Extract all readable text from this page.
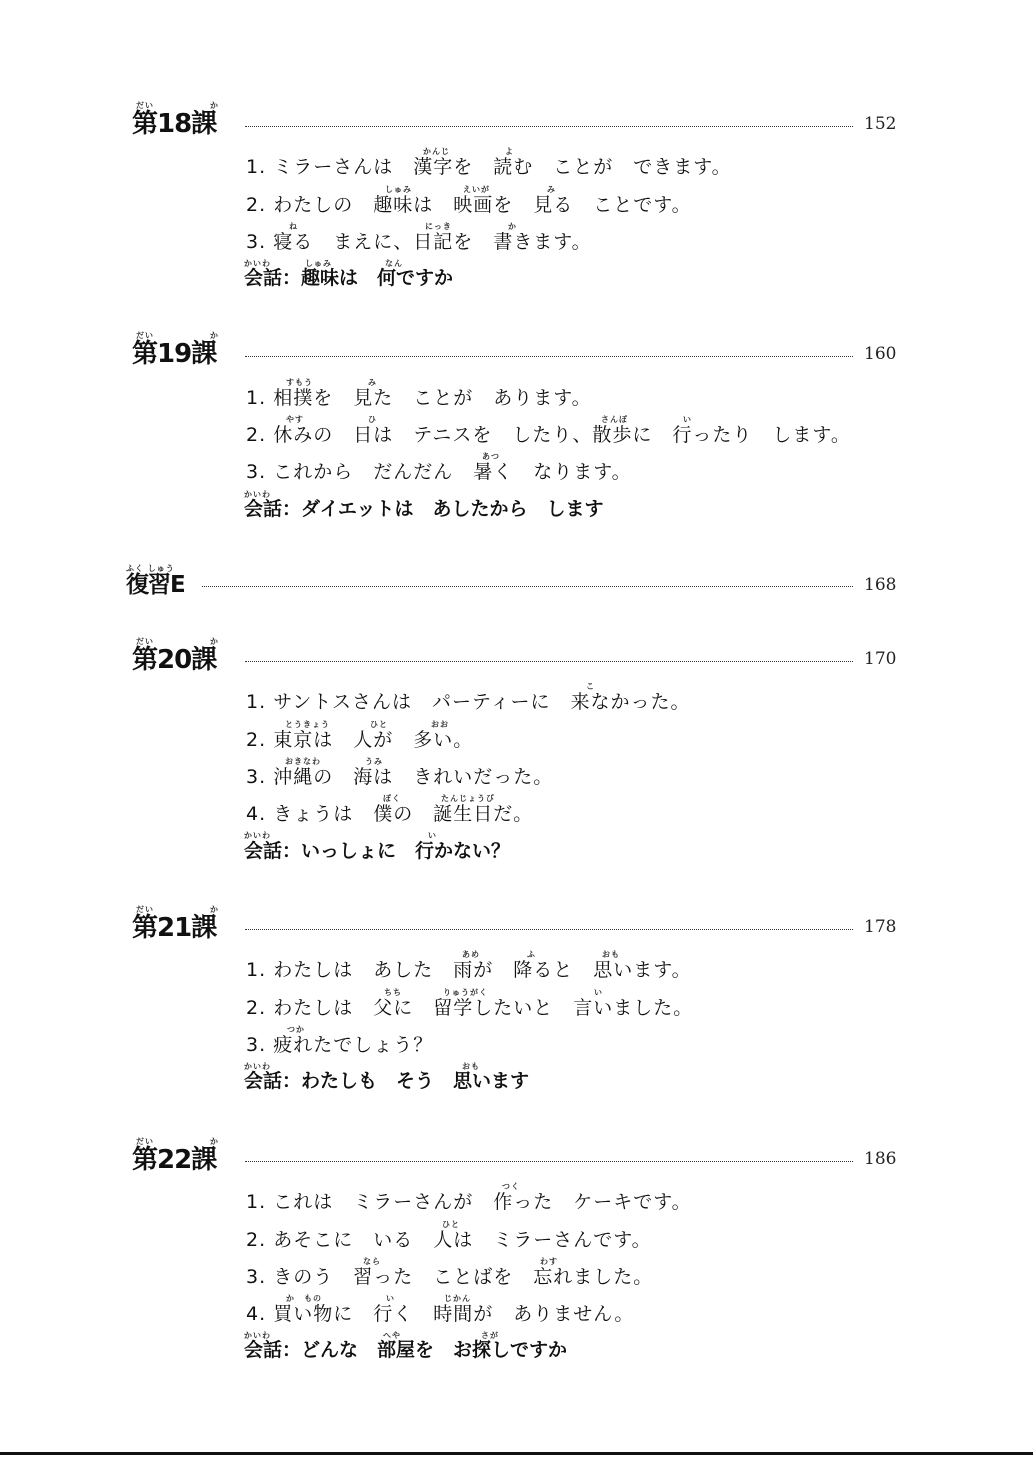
だい	か
第 18 課	152
かんじ	よ
1. ミラーさんは　漢字を　読む　ことが　できます。
しゅみ	えいが	み
2. わたしの　趣味は　映画を　見る　ことです。
ね	にっき	か
3. 寝る　まえに、日記を　書きます。
かいわ	しゅみ	なん
会話：趣味は　何ですか
だい	か
第 19 課	160
すもう	み
1. 相撲を　見た　ことが　あります。
やす	ひ	さんぽ	い
2. 休みの　日は　テニスを　したり、散歩に　行ったり　します。
あつ
3. これから　だんだん　暑く　なります。
かいわ
会話：ダイエットは　あしたから　します
ふく しゅう
復習E	168
だい	か
第 20 課	170
こ
1. サントスさんは　パーティーに　来なかった。
とうきょう	ひと	おお
2. 東京は　人が　多い。
おきなわ	うみ
3. 沖縄の　海は　きれいだった。
ぼく	たんじょうび
4. きょうは　僕の　誕生日だ。
かいわ	い
会話：いっしょに　行かない？
だい	か
第 21 課	178
あめ	ふ	おも
1. わたしは　あした　雨が　降ると　思います。
ちち	りゅうがく	い
2. わたしは　父に　留学したいと　言いました。
つか
3. 疲れたでしょう？
かいわ	おも
会話：わたしも　そう　思います
だい	か
第 22 課	186
つく
1. これは　ミラーさんが　作った　ケーキです。
ひと
2. あそこに　いる　人は　ミラーさんです。
なら	わす
3. きのう　習った　ことばを　忘れました。
か　もの	い	じかん
4. 買い物に　行く　時間が　ありません。
かいわ	へや	さが
会話：どんな　部屋を　お探しですか
